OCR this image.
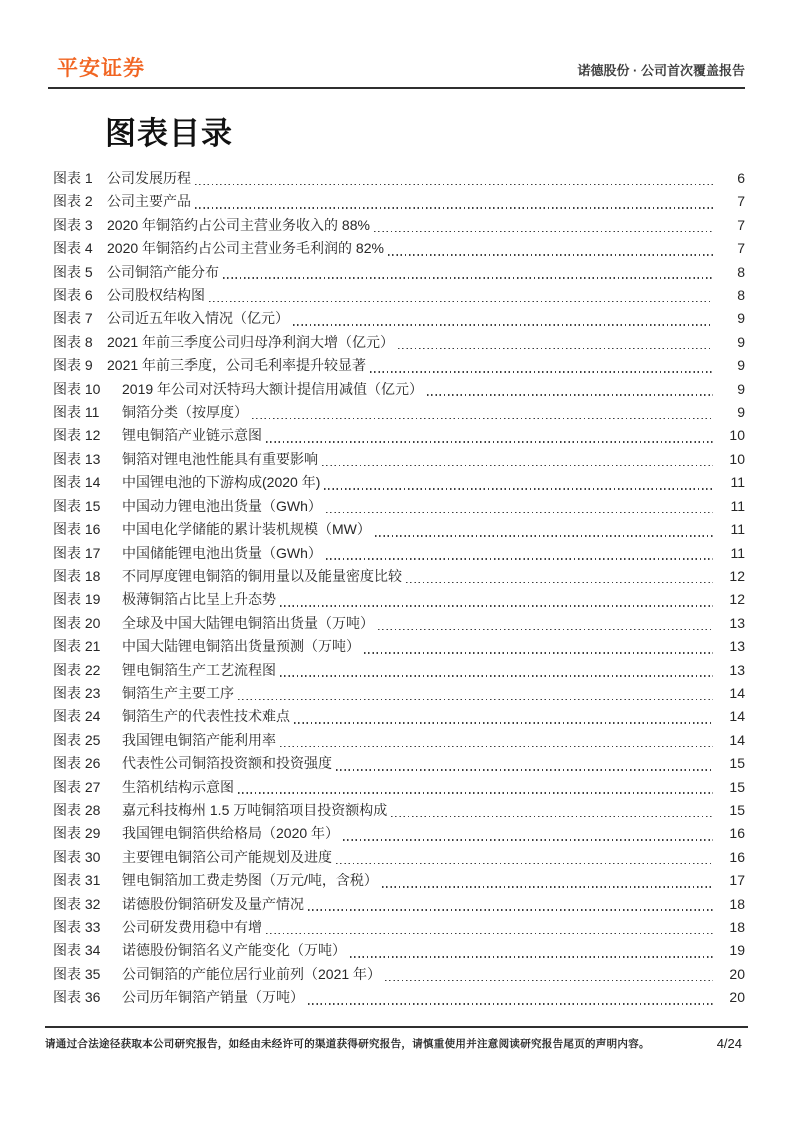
平安证券	诺德股份 · 公司首次覆盖报告
图表目录
图表 1	公司发展历程	6
图表 2	公司主要产品	7
图表 3	2020 年铜箔约占公司主营业务收入的 88%	7
图表 4	2020 年铜箔约占公司主营业务毛利润的 82%	7
图表 5	公司铜箔产能分布	8
图表 6	公司股权结构图	8
图表 7	公司近五年收入情况（亿元）	9
图表 8	2021 年前三季度公司归母净利润大增（亿元）	9
图表 9	2021 年前三季度，公司毛利率提升较显著	9
图表 10	2019 年公司对沃特玛大额计提信用减值（亿元）	9
图表 11	铜箔分类（按厚度）	9
图表 12	锂电铜箔产业链示意图	10
图表 13	铜箔对锂电池性能具有重要影响	10
图表 14	中国锂电池的下游构成(2020 年)	11
图表 15	中国动力锂电池出货量（GWh）	11
图表 16	中国电化学储能的累计装机规模（MW）	11
图表 17	中国储能锂电池出货量（GWh）	11
图表 18	不同厚度锂电铜箔的铜用量以及能量密度比较	12
图表 19	极薄铜箔占比呈上升态势	12
图表 20	全球及中国大陆锂电铜箔出货量（万吨）	13
图表 21	中国大陆锂电铜箔出货量预测（万吨）	13
图表 22	锂电铜箔生产工艺流程图	13
图表 23	铜箔生产主要工序	14
图表 24	铜箔生产的代表性技术难点	14
图表 25	我国锂电铜箔产能利用率	14
图表 26	代表性公司铜箔投资额和投资强度	15
图表 27	生箔机结构示意图	15
图表 28	嘉元科技梅州 1.5 万吨铜箔项目投资额构成	15
图表 29	我国锂电铜箔供给格局（2020 年）	16
图表 30	主要锂电铜箔公司产能规划及进度	16
图表 31	锂电铜箔加工费走势图（万元/吨，含税）	17
图表 32	诺德股份铜箔研发及量产情况	18
图表 33	公司研发费用稳中有增	18
图表 34	诺德股份铜箔名义产能变化（万吨）	19
图表 35	公司铜箔的产能位居行业前列（2021 年）	20
图表 36	公司历年铜箔产销量（万吨）	20
请通过合法途径获取本公司研究报告，如经由未经许可的渠道获得研究报告，请慎重使用并注意阅读研究报告尾页的声明内容。	4/24
